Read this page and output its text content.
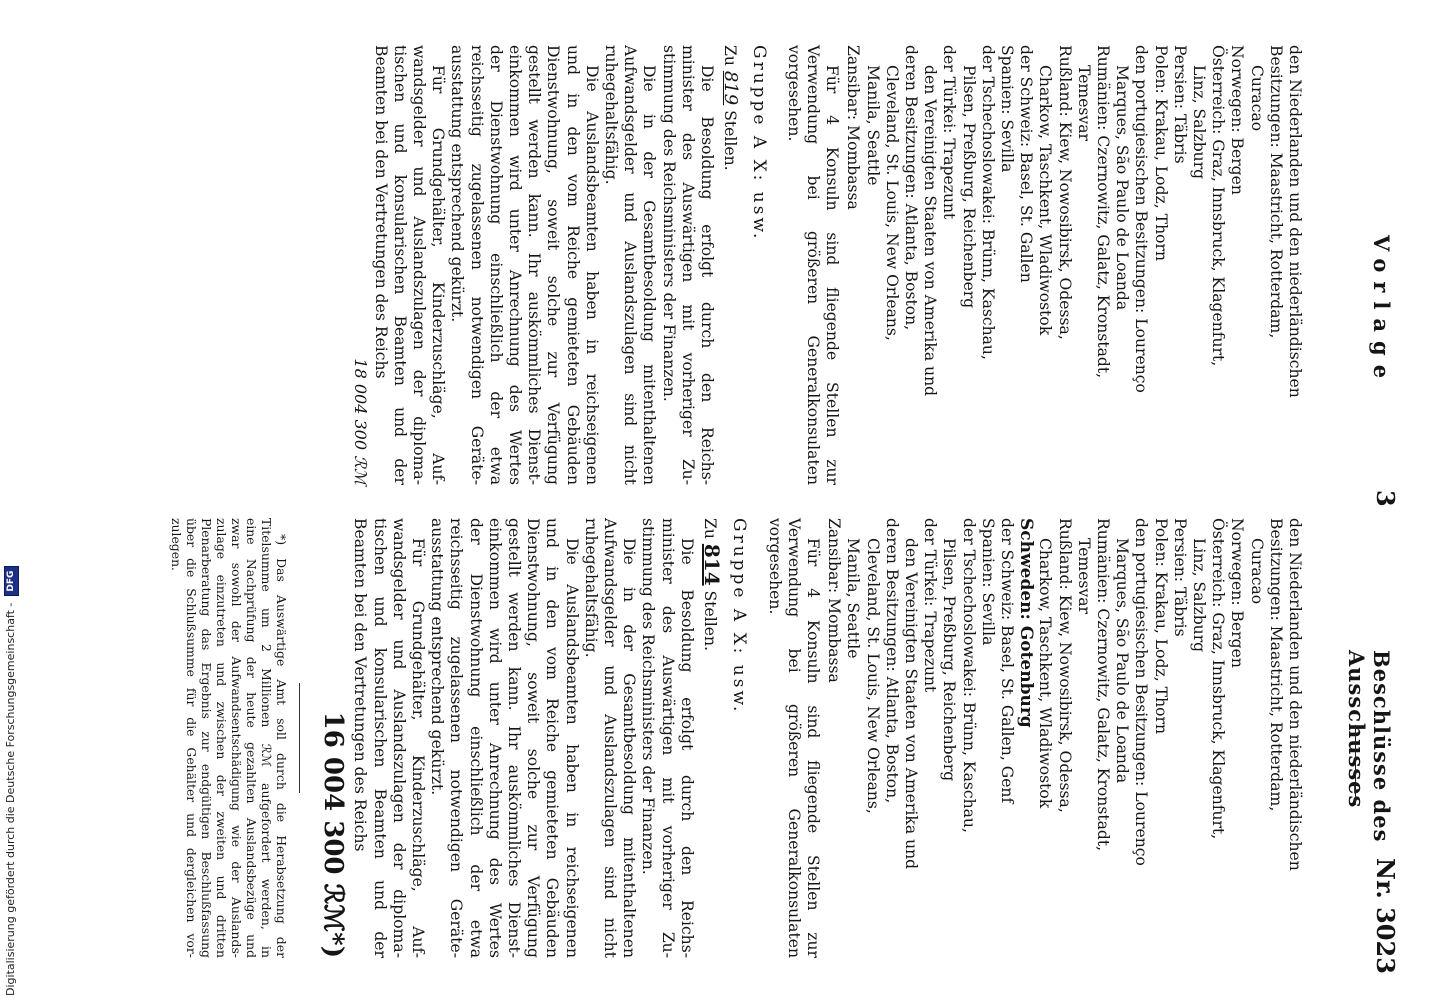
Vorlage
3
Beschlüsse des Ausschusses
Nr. 3023
den Niederlanden und den niederländischen
Besitzungen: Maastricht, Rotterdam,
Curacao
Norwegen: Bergen
Österreich: Graz, Innsbruck, Klagenfurt,
Linz, Salzburg
Persien: Täbris
Polen: Krakau, Lodz, Thorn
den portugiesischen Besitzungen: Lourenço
Marques, São Paulo de Loanda
Rumänien: Czernowitz, Galatz, Kronstadt,
Temesvar
Rußland: Kiew, Nowosibirsk, Odessa,
Charkow, Taschkent, Wladiwostok
der Schweiz: Basel, St. Gallen
Spanien: Sevilla
der Tschechoslowakei: Brünn, Kaschau,
Pilsen, Preßburg, Reichenberg
der Türkei: Trapezunt
den Vereinigten Staaten von Amerika und
deren Besitzungen: Atlanta, Boston,
Cleveland, St. Louis, New Orleans,
Manila, Seattle
Zansibar: Mombassa
Für 4 Konsuln sind fliegende Stellen zur
Verwendung bei größeren Generalkonsulaten
vorgesehen.
Gruppe A X: usw.
Zu 819 Stellen.
Die Besoldung erfolgt durch den Reichs-
minister des Auswärtigen mit vorheriger Zu-
stimmung des Reichsministers der Finanzen.
Die in der Gesamtbesoldung mitenthaltenen
Aufwandsgelder und Auslandszulagen sind nicht
ruhegehaltsfähig.
Die Auslandsbeamten haben in reichseigenen
und in den vom Reiche gemieteten Gebäuden
Dienstwohnung, soweit solche zur Verfügung
gestellt werden kann. Ihr auskömmliches Dienst-
einkommen wird unter Anrechnung des Wertes
der Dienstwohnung einschließlich der etwa
reichsseitig zugelassenen notwendigen Geräte-
ausstattung entsprechend gekürzt.
Für Grundgehälter, Kinderzuschläge, Auf-
wandsgelder und Auslandszulagen der diploma-
tischen und konsularischen Beamten und der
Beamten bei den Vertretungen des Reichs
18 004 300 ℛℳ
den Niederlanden und den niederländischen
Besitzungen: Maastricht, Rotterdam,
Curacao
Norwegen: Bergen
Österreich: Graz, Innsbruck, Klagenfurt,
Linz, Salzburg
Persien: Täbris
Polen: Krakau, Lodz, Thorn
den portugiesischen Besitzungen: Lourenço
Marques, São Paulo de Loanda
Rumänien: Czernowitz, Galatz, Kronstadt,
Temesvar
Rußland: Kiew, Nowosibirsk, Odessa,
Charkow, Taschkent, Wladiwostok
Schweden: Gotenburg
der Schweiz: Basel, St. Gallen, Genf
Spanien: Sevilla
der Tschechoslowakei: Brünn, Kaschau,
Pilsen, Preßburg, Reichenberg
der Türkei: Trapezunt
den Vereinigten Staaten von Amerika und
deren Besitzungen: Atlanta, Boston,
Cleveland, St. Louis, New Orleans,
Manila, Seattle
Zansibar: Mombassa
Für 4 Konsuln sind fliegende Stellen zur
Verwendung bei größeren Generalkonsulaten
vorgesehen.
Gruppe A X: usw.
Zu 814 Stellen.
Die Besoldung erfolgt durch den Reichs-
minister des Auswärtigen mit vorheriger Zu-
stimmung des Reichsministers der Finanzen.
Die in der Gesamtbesoldung mitenthaltenen
Aufwandsgelder und Auslandszulagen sind nicht
ruhegehaltsfähig.
Die Auslandsbeamten haben in reichseigenen
und in den vom Reiche gemieteten Gebäuden
Dienstwohnung, soweit solche zur Verfügung
gestellt werden kann. Ihr auskömmliches Dienst-
einkommen wird unter Anrechnung des Wertes
der Dienstwohnung einschließlich der etwa
reichsseitig zugelassenen notwendigen Geräte-
ausstattung entsprechend gekürzt.
Für Grundgehälter, Kinderzuschläge, Auf-
wandsgelder und Auslandszulagen der diploma-
tischen und konsularischen Beamten und der
Beamten bei den Vertretungen des Reichs
16 004 300 ℛℳ*)
*) Das Auswärtige Amt soll durch die Herabsetzung der
Titelsumme um 2 Millionen ℛℳ aufgefordert werden, in
eine Nachprüfung der heute gezahlten Auslandsbezüge und
zwar sowohl der Aufwandsentschädigung wie der Auslands-
zulage einzutreten und zwischen der zweiten und dritten
Plenarberatung das Ergebnis zur endgültigen Beschlußfassung
über die Schlußsumme für die Gehälter und dergleichen vor-
zulegen.
Digitalisierung gefördert durch die Deutsche Forschungsgemeinschaft - DFG
